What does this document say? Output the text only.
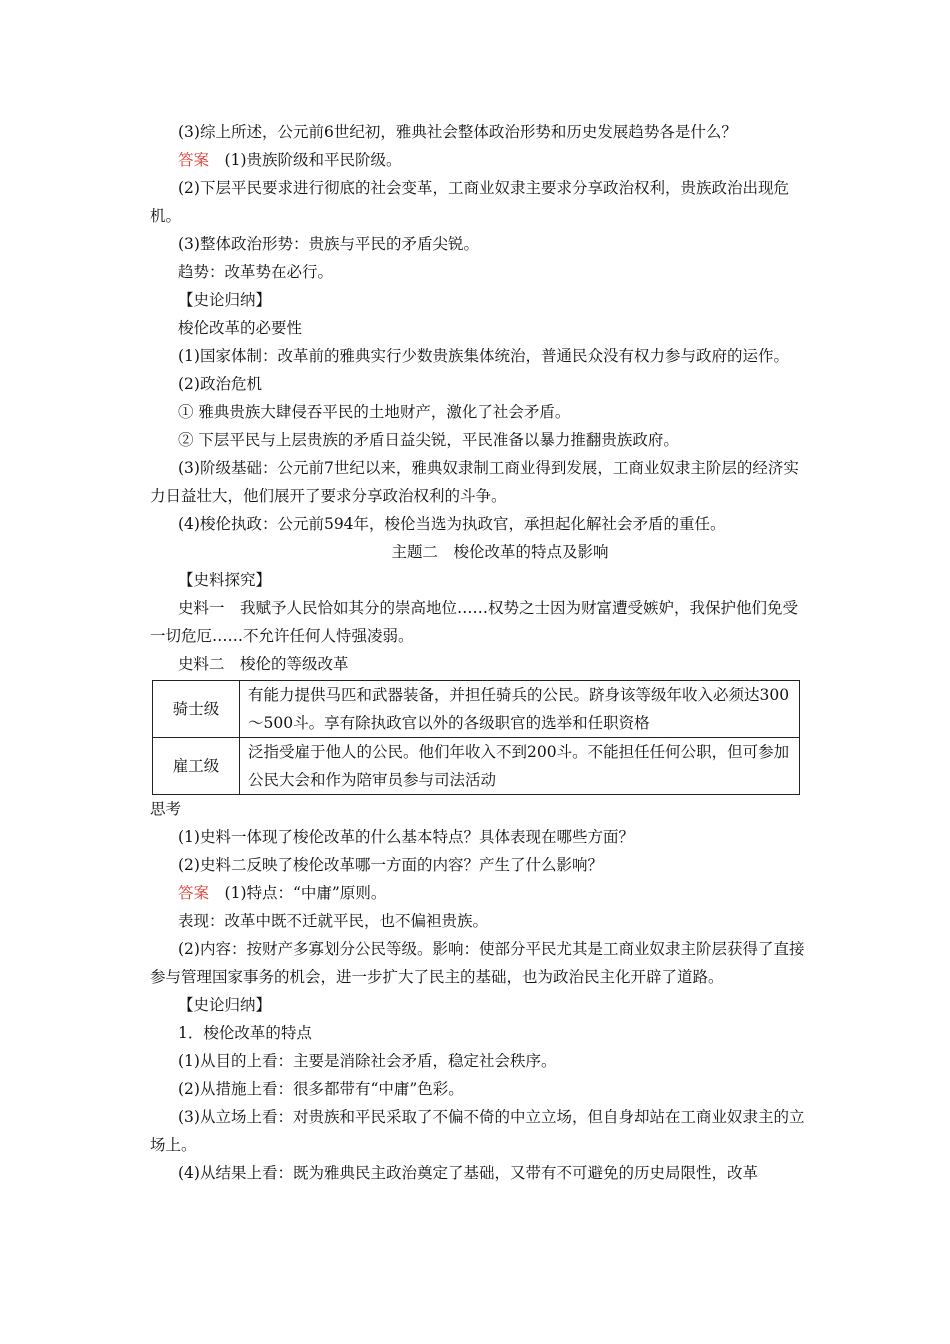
(3)综上所述，公元前6世纪初，雅典社会整体政治形势和历史发展趋势各是什么？

答案　 (1)贵族阶级和平民阶级。

(2)下层平民要求进行彻底的社会变革，工商业奴隶主要求分享政治权利，贵族政治出现危机。

(3)整体政治形势：贵族与平民的矛盾尖锐。

趋势：改革势在必行。

【史论归纳】

梭伦改革的必要性

(1)国家体制：改革前的雅典实行少数贵族集体统治，普通民众没有权力参与政府的运作。

(2)政治危机

① 雅典贵族大肆侵吞平民的土地财产，激化了社会矛盾。

② 下层平民与上层贵族的矛盾日益尖锐，平民准备以暴力推翻贵族政府。

(3)阶级基础：公元前7世纪以来，雅典奴隶制工商业得到发展，工商业奴隶主阶层的经济实力日益壮大，他们展开了要求分享政治权利的斗争。

(4)梭伦执政：公元前594年，梭伦当选为执政官，承担起化解社会矛盾的重任。

主题二　梭伦改革的特点及影响

【史料探究】

史料一　我赋予人民恰如其分的崇高地位……权势之士因为财富遭受嫉妒，我保护他们免受一切危厄……不允许任何人恃强凌弱。

史料二　梭伦的等级改革

骑士级	有能力提供马匹和武器装备，并担任骑兵的公民。跻身该等级年收入必须达300～500斗。享有除执政官以外的各级职官的选举和任职资格
雇工级	泛指受雇于他人的公民。他们年收入不到200斗。不能担任任何公职，但可参加公民大会和作为陪审员参与司法活动

思考

(1)史料一体现了梭伦改革的什么基本特点？具体表现在哪些方面？

(2)史料二反映了梭伦改革哪一方面的内容？产生了什么影响？

答案　 (1)特点：“中庸”原则。

表现：改革中既不迁就平民，也不偏袒贵族。

(2)内容：按财产多寡划分公民等级。影响：使部分平民尤其是工商业奴隶主阶层获得了直接参与管理国家事务的机会，进一步扩大了民主的基础，也为政治民主化开辟了道路。

【史论归纳】

1．梭伦改革的特点

(1)从目的上看：主要是消除社会矛盾，稳定社会秩序。

(2)从措施上看：很多都带有“中庸”色彩。

(3)从立场上看：对贵族和平民采取了不偏不倚的中立立场，但自身却站在工商业奴隶主的立场上。

(4)从结果上看：既为雅典民主政治奠定了基础，又带有不可避免的历史局限性，改革
